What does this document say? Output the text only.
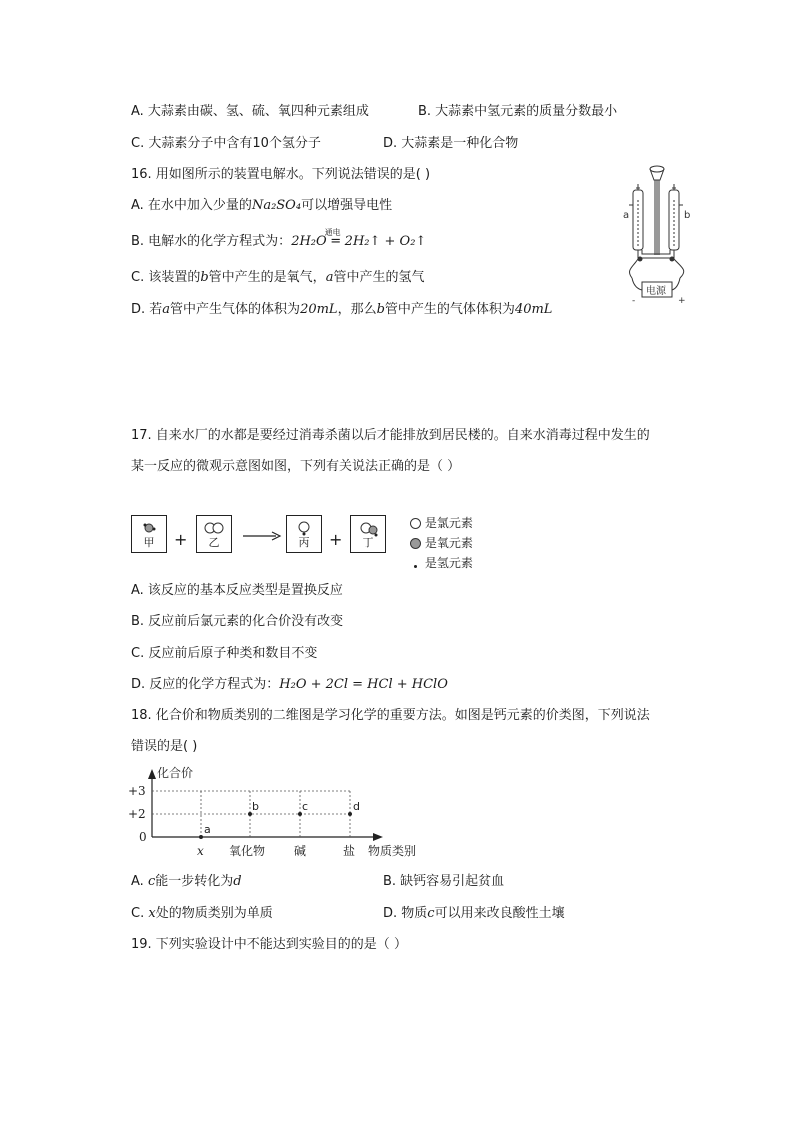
A. 大蒜素由碳、氢、硫、氧四种元素组成	B. 大蒜素中氢元素的质量分数最小
C. 大蒜素分子中含有10个氢分子	D. 大蒜素是一种化合物
16. 用如图所示的装置电解水。下列说法错误的是( )
A. 在水中加入少量的Na₂SO₄可以增强导电性
B. 电解水的化学方程式为：2H₂O
通电
= 2H₂↑ + O₂↑
C. 该装置的b管中产生的是氧气，a管中产生的氢气
D. 若a管中产生气体的体积为20mL，那么b管中产生的气体体积为40mL
a	b
电源
-	+
17. 自来水厂的水都是要经过消毒杀菌以后才能排放到居民楼的。自来水消毒过程中发生的
某一反应的微观示意图如图，下列有关说法正确的是（ ）
甲	+	乙	→	丙	+	丁
是氯元素
是氧元素
是氢元素
A. 该反应的基本反应类型是置换反应
B. 反应前后氯元素的化合价没有改变
C. 反应前后原子种类和数目不变
D. 反应的化学方程式为：H₂O + 2Cl = HCl + HClO
18. 化合价和物质类别的二维图是学习化学的重要方法。如图是钙元素的价类图，下列说法
错误的是( )
+3
+2
0
化合价
a
b	c	d
x 氧化物 碱	盐 物质类别
A. c能一步转化为d	B. 缺钙容易引起贫血
C. x处的物质类别为单质	D. 物质c可以用来改良酸性土壤
19. 下列实验设计中不能达到实验目的的是（ ）
